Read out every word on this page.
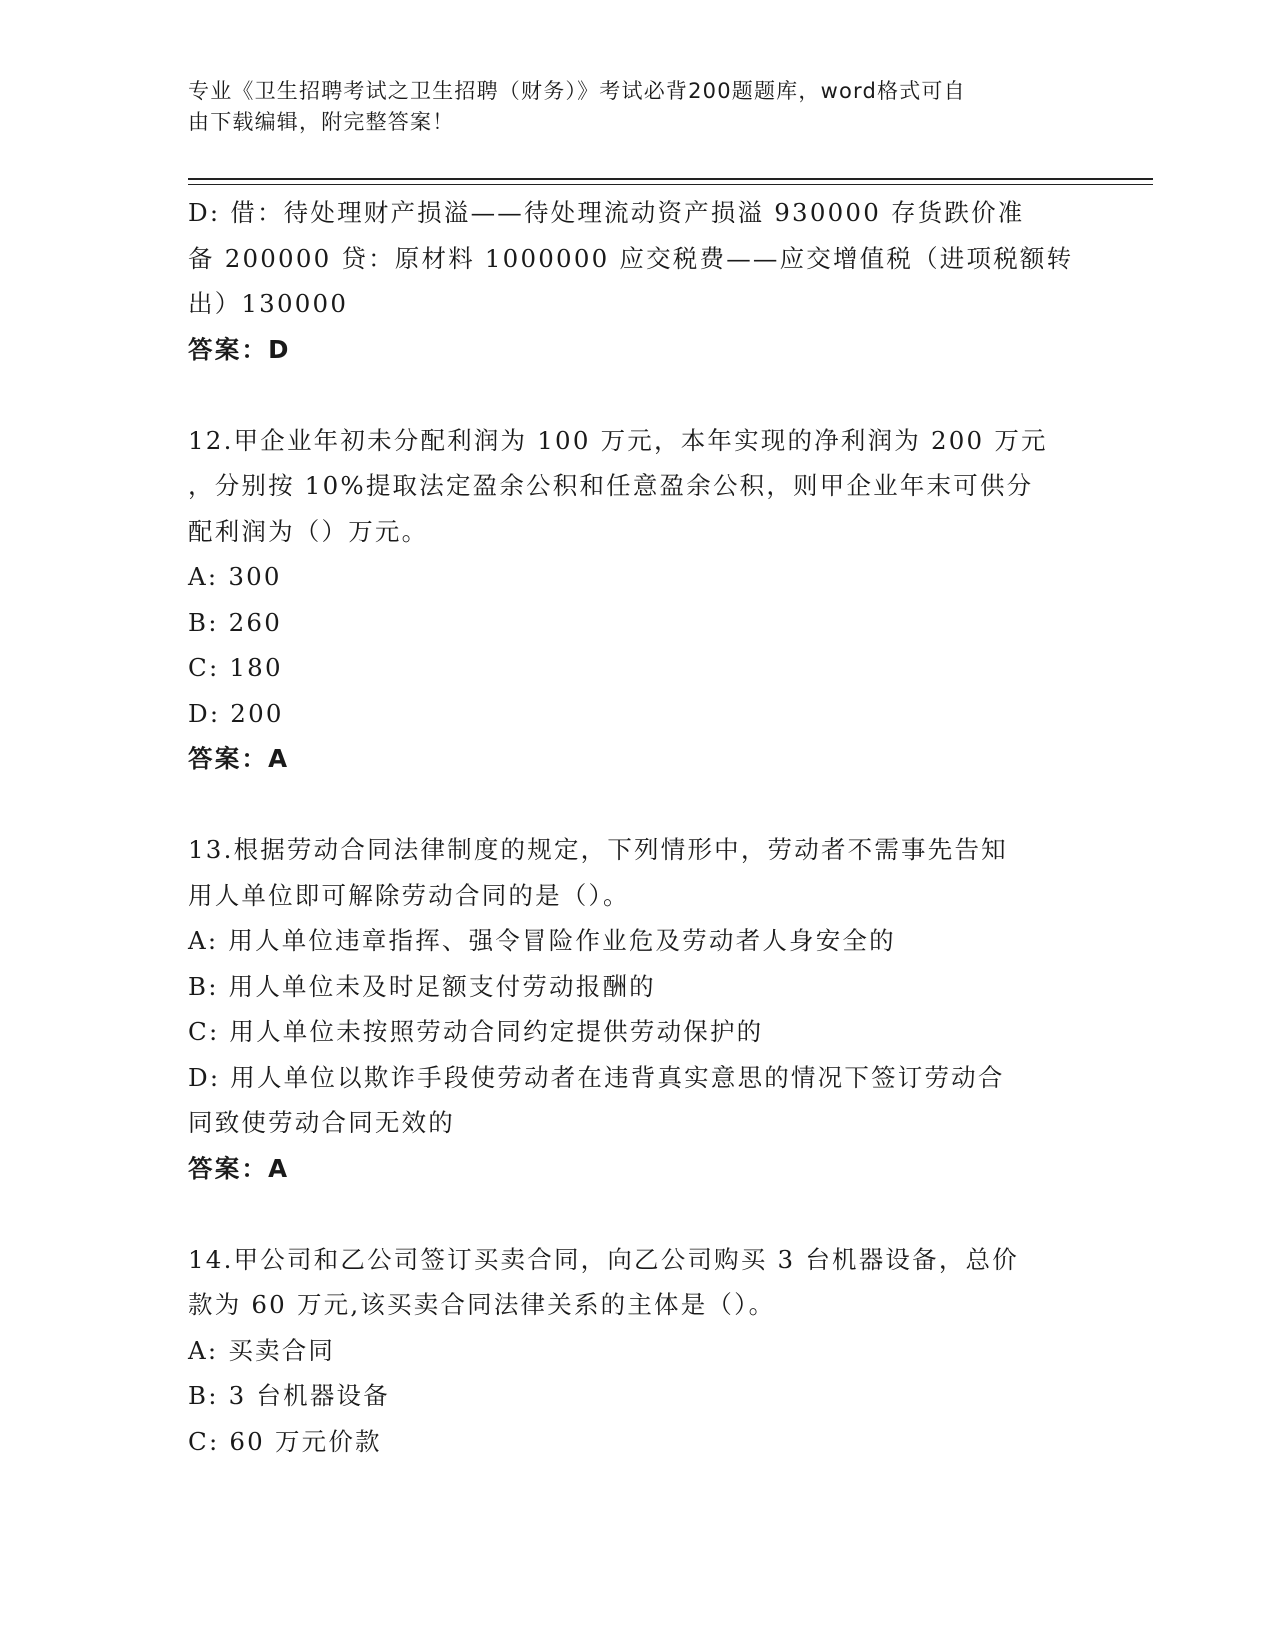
专业《卫生招聘考试之卫生招聘（财务）》考试必背200题题库，word格式可自
由下载编辑，附完整答案！
D: 借：待处理财产损溢——待处理流动资产损溢 930000 存货跌价准
备 200000 贷：原材料 1000000 应交税费——应交增值税（进项税额转
出）130000
答案：D
12.甲企业年初未分配利润为 100 万元，本年实现的净利润为 200 万元
，分别按 10%提取法定盈余公积和任意盈余公积，则甲企业年末可供分
配利润为（）万元。
A: 300
B: 260
C: 180
D: 200
答案：A
13.根据劳动合同法律制度的规定，下列情形中，劳动者不需事先告知
用人单位即可解除劳动合同的是（）。
A: 用人单位违章指挥、强令冒险作业危及劳动者人身安全的
B: 用人单位未及时足额支付劳动报酬的
C: 用人单位未按照劳动合同约定提供劳动保护的
D: 用人单位以欺诈手段使劳动者在违背真实意思的情况下签订劳动合
同致使劳动合同无效的
答案：A
14.甲公司和乙公司签订买卖合同，向乙公司购买 3 台机器设备，总价
款为 60 万元,该买卖合同法律关系的主体是（）。
A: 买卖合同
B: 3 台机器设备
C: 60 万元价款
